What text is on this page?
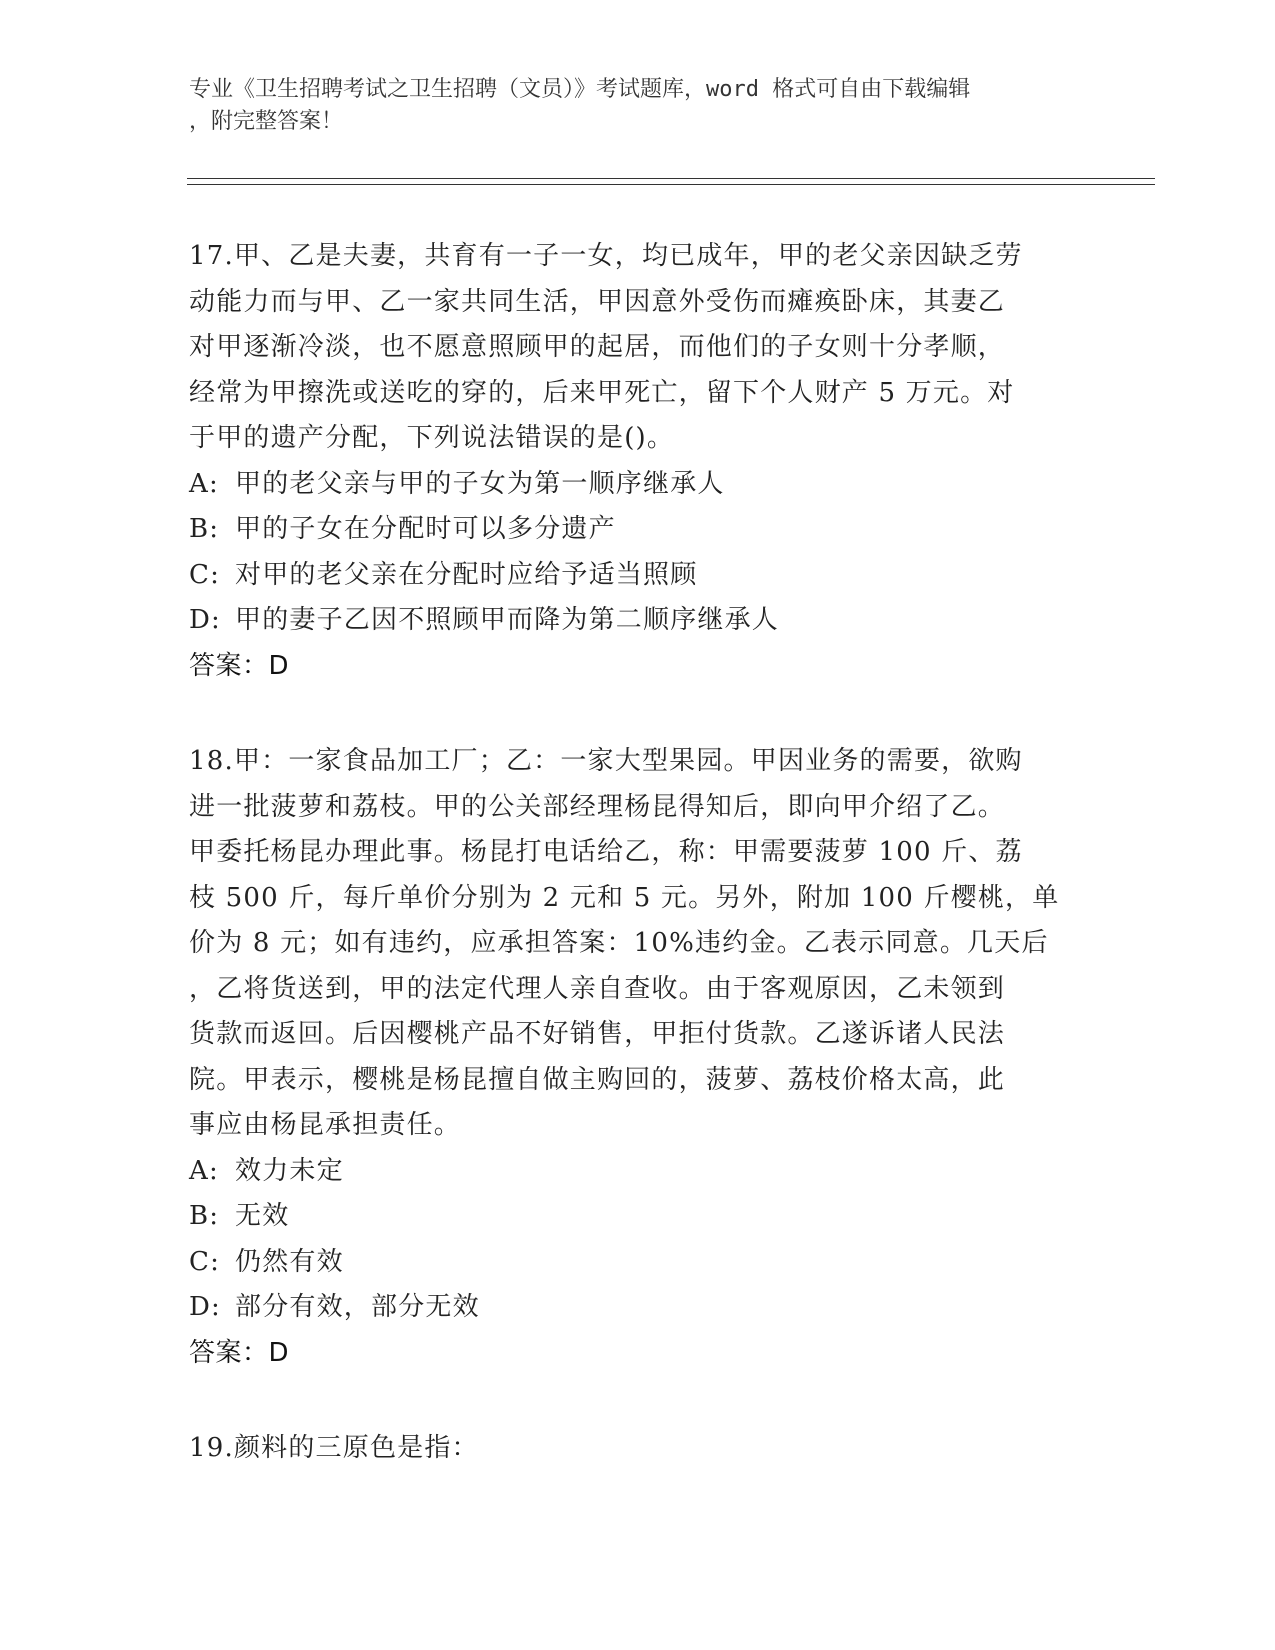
专业《卫生招聘考试之卫生招聘（文员）》考试题库，word 格式可自由下载编辑
，附完整答案！
17.甲、乙是夫妻，共育有一子一女，均已成年，甲的老父亲因缺乏劳
动能力而与甲、乙一家共同生活，甲因意外受伤而瘫痪卧床，其妻乙
对甲逐渐冷淡，也不愿意照顾甲的起居，而他们的子女则十分孝顺，
经常为甲擦洗或送吃的穿的，后来甲死亡，留下个人财产 5 万元。对
于甲的遗产分配，下列说法错误的是()。
A: 甲的老父亲与甲的子女为第一顺序继承人
B: 甲的子女在分配时可以多分遗产
C: 对甲的老父亲在分配时应给予适当照顾
D: 甲的妻子乙因不照顾甲而降为第二顺序继承人
答案：D
18.甲：一家食品加工厂；乙：一家大型果园。甲因业务的需要，欲购
进一批菠萝和荔枝。甲的公关部经理杨昆得知后，即向甲介绍了乙。
甲委托杨昆办理此事。杨昆打电话给乙，称：甲需要菠萝 100 斤、荔
枝 500 斤，每斤单价分别为 2 元和 5 元。另外，附加 100 斤樱桃，单
价为 8 元；如有违约，应承担答案：10%违约金。乙表示同意。几天后
，乙将货送到，甲的法定代理人亲自查收。由于客观原因，乙未领到
货款而返回。后因樱桃产品不好销售，甲拒付货款。乙遂诉诸人民法
院。甲表示，樱桃是杨昆擅自做主购回的，菠萝、荔枝价格太高，此
事应由杨昆承担责任。
A: 效力未定
B: 无效
C: 仍然有效
D: 部分有效，部分无效
答案：D
19.颜料的三原色是指：
